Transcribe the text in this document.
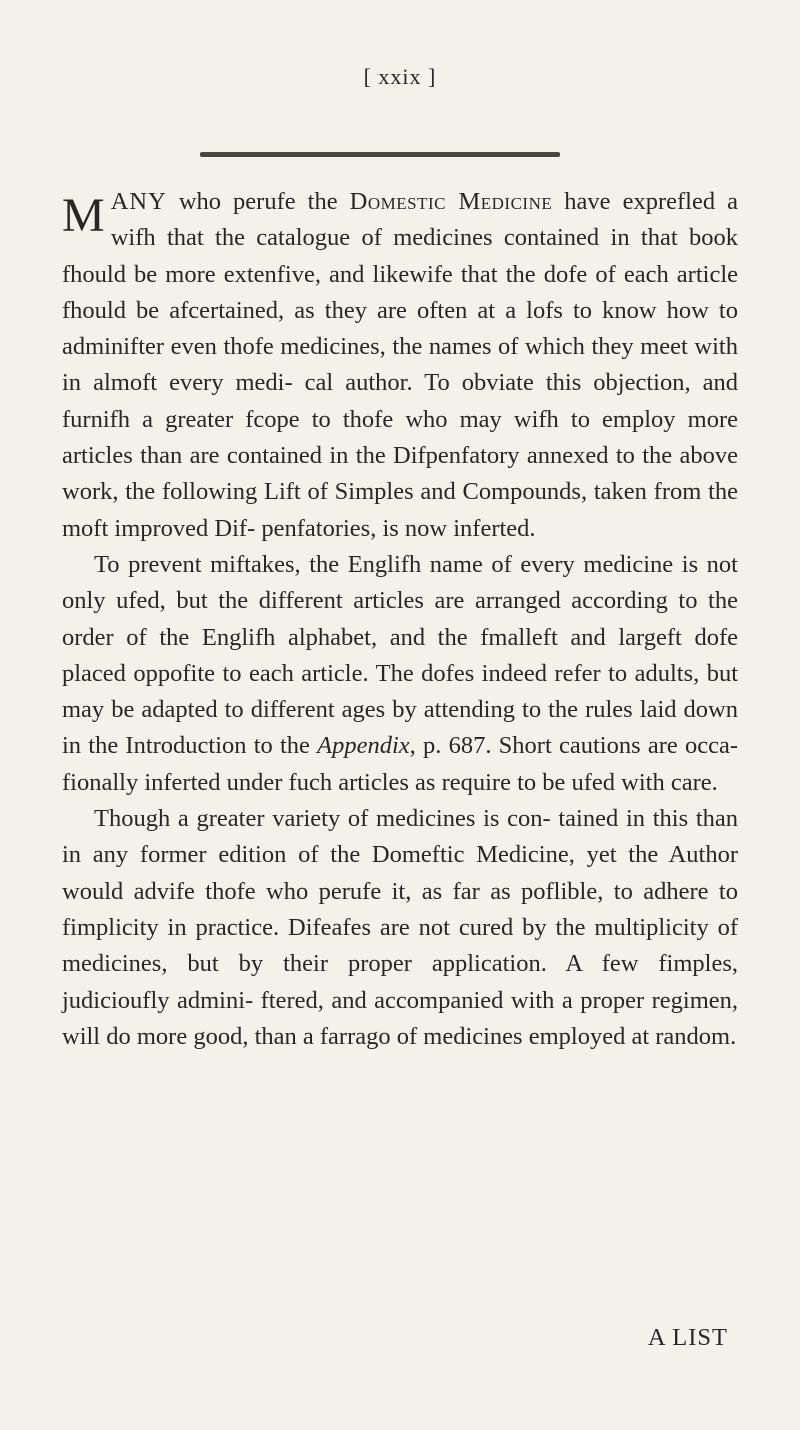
[ xxix ]

MANY who perufe the Domestic Medicine have exprefled a wifh that the catalogue of medicines contained in that book fhould be more extenfive, and likewife that the dofe of each article fhould be afcertained, as they are often at a lofs to know how to adminifter even thofe medicines, the names of which they meet with in almoft every medi- cal author. To obviate this objection, and furnifh a greater fcope to thofe who may wifh to employ more articles than are contained in the Difpenfatory annexed to the above work, the following Lift of Simples and Compounds, taken from the moft improved Dif- penfatories, is now inferted.

To prevent miftakes, the Englifh name of every medicine is not only ufed, but the different articles are arranged according to the order of the Englifh alphabet, and the fmalleft and largeft dofe placed oppofite to each article. The dofes indeed refer to adults, but may be adapted to different ages by attending to the rules laid down in the Introduction to the Appendix, p. 687. Short cautions are occa- fionally inferted under fuch articles as require to be ufed with care.

Though a greater variety of medicines is con- tained in this than in any former edition of the Domeftic Medicine, yet the Author would advife thofe who perufe it, as far as poflible, to adhere to fimplicity in practice. Difeafes are not cured by the multiplicity of medicines, but by their proper application. A few fimples, judicioufly admini- ftered, and accompanied with a proper regimen, will do more good, than a farrago of medicines employed at random.

A LIST
